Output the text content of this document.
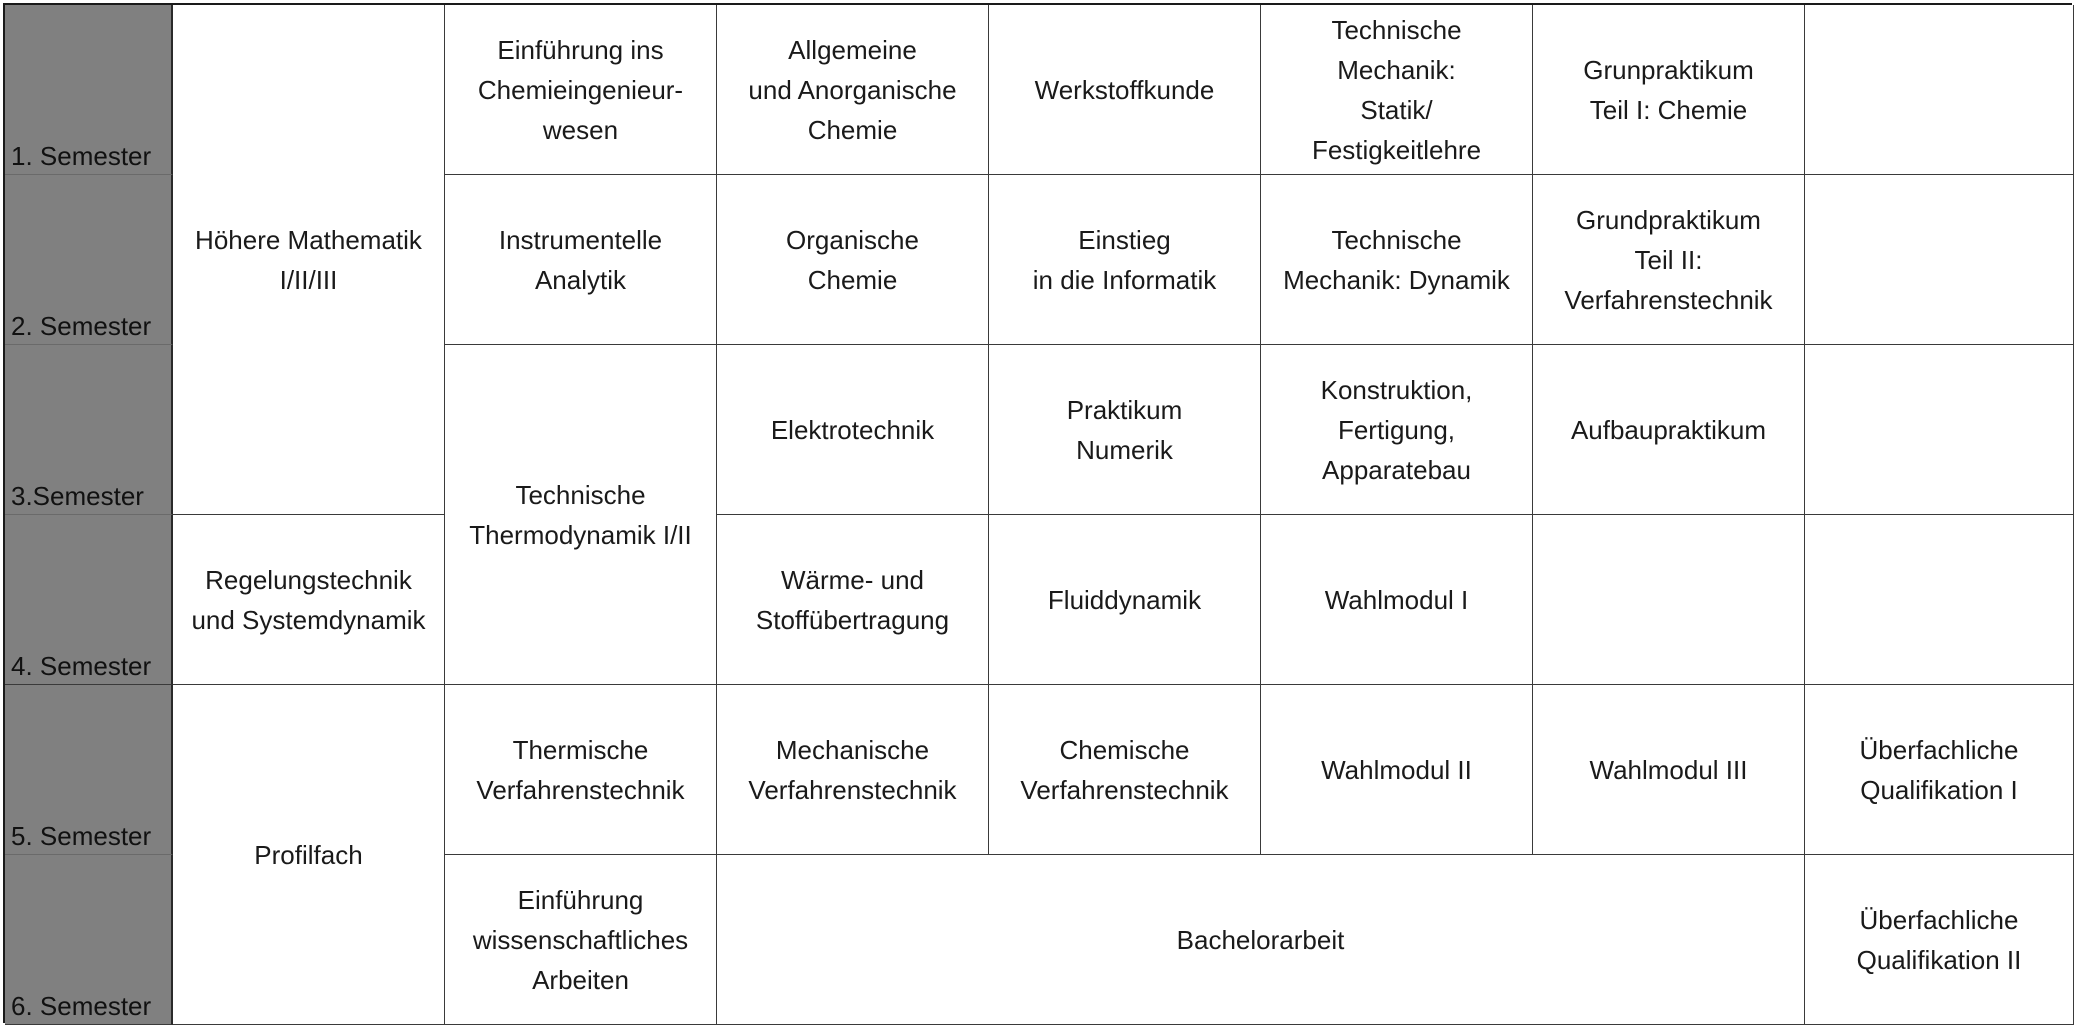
1. Semester
2. Semester
3.Semester
4. Semester
5. Semester
6. Semester
Höhere Mathematik
I/II/III
Regelungstechnik
und Systemdynamik
Profilfach
Einführung ins
Chemieingenieur-
wesen
Allgemeine
und Anorganische
Chemie
Werkstoffkunde
Technische
Mechanik:
Statik/
Festigkeitlehre
Grunpraktikum
Teil I: Chemie
Instrumentelle
Analytik
Organische
Chemie
Einstieg
in die Informatik
Technische
Mechanik: Dynamik
Grundpraktikum
Teil II:
Verfahrenstechnik
Technische
Thermodynamik I/II
Elektrotechnik
Praktikum
Numerik
Konstruktion,
Fertigung,
Apparatebau
Aufbaupraktikum
Wärme- und
Stoffübertragung
Fluiddynamik	Wahlmodul I
Thermische
Verfahrenstechnik
Mechanische
Verfahrenstechnik
Chemische
Verfahrenstechnik
Wahlmodul II	Wahlmodul III
Überfachliche
Qualifikation I
Einführung
wissenschaftliches
Arbeiten
Bachelorarbeit
Überfachliche
Qualifikation II
